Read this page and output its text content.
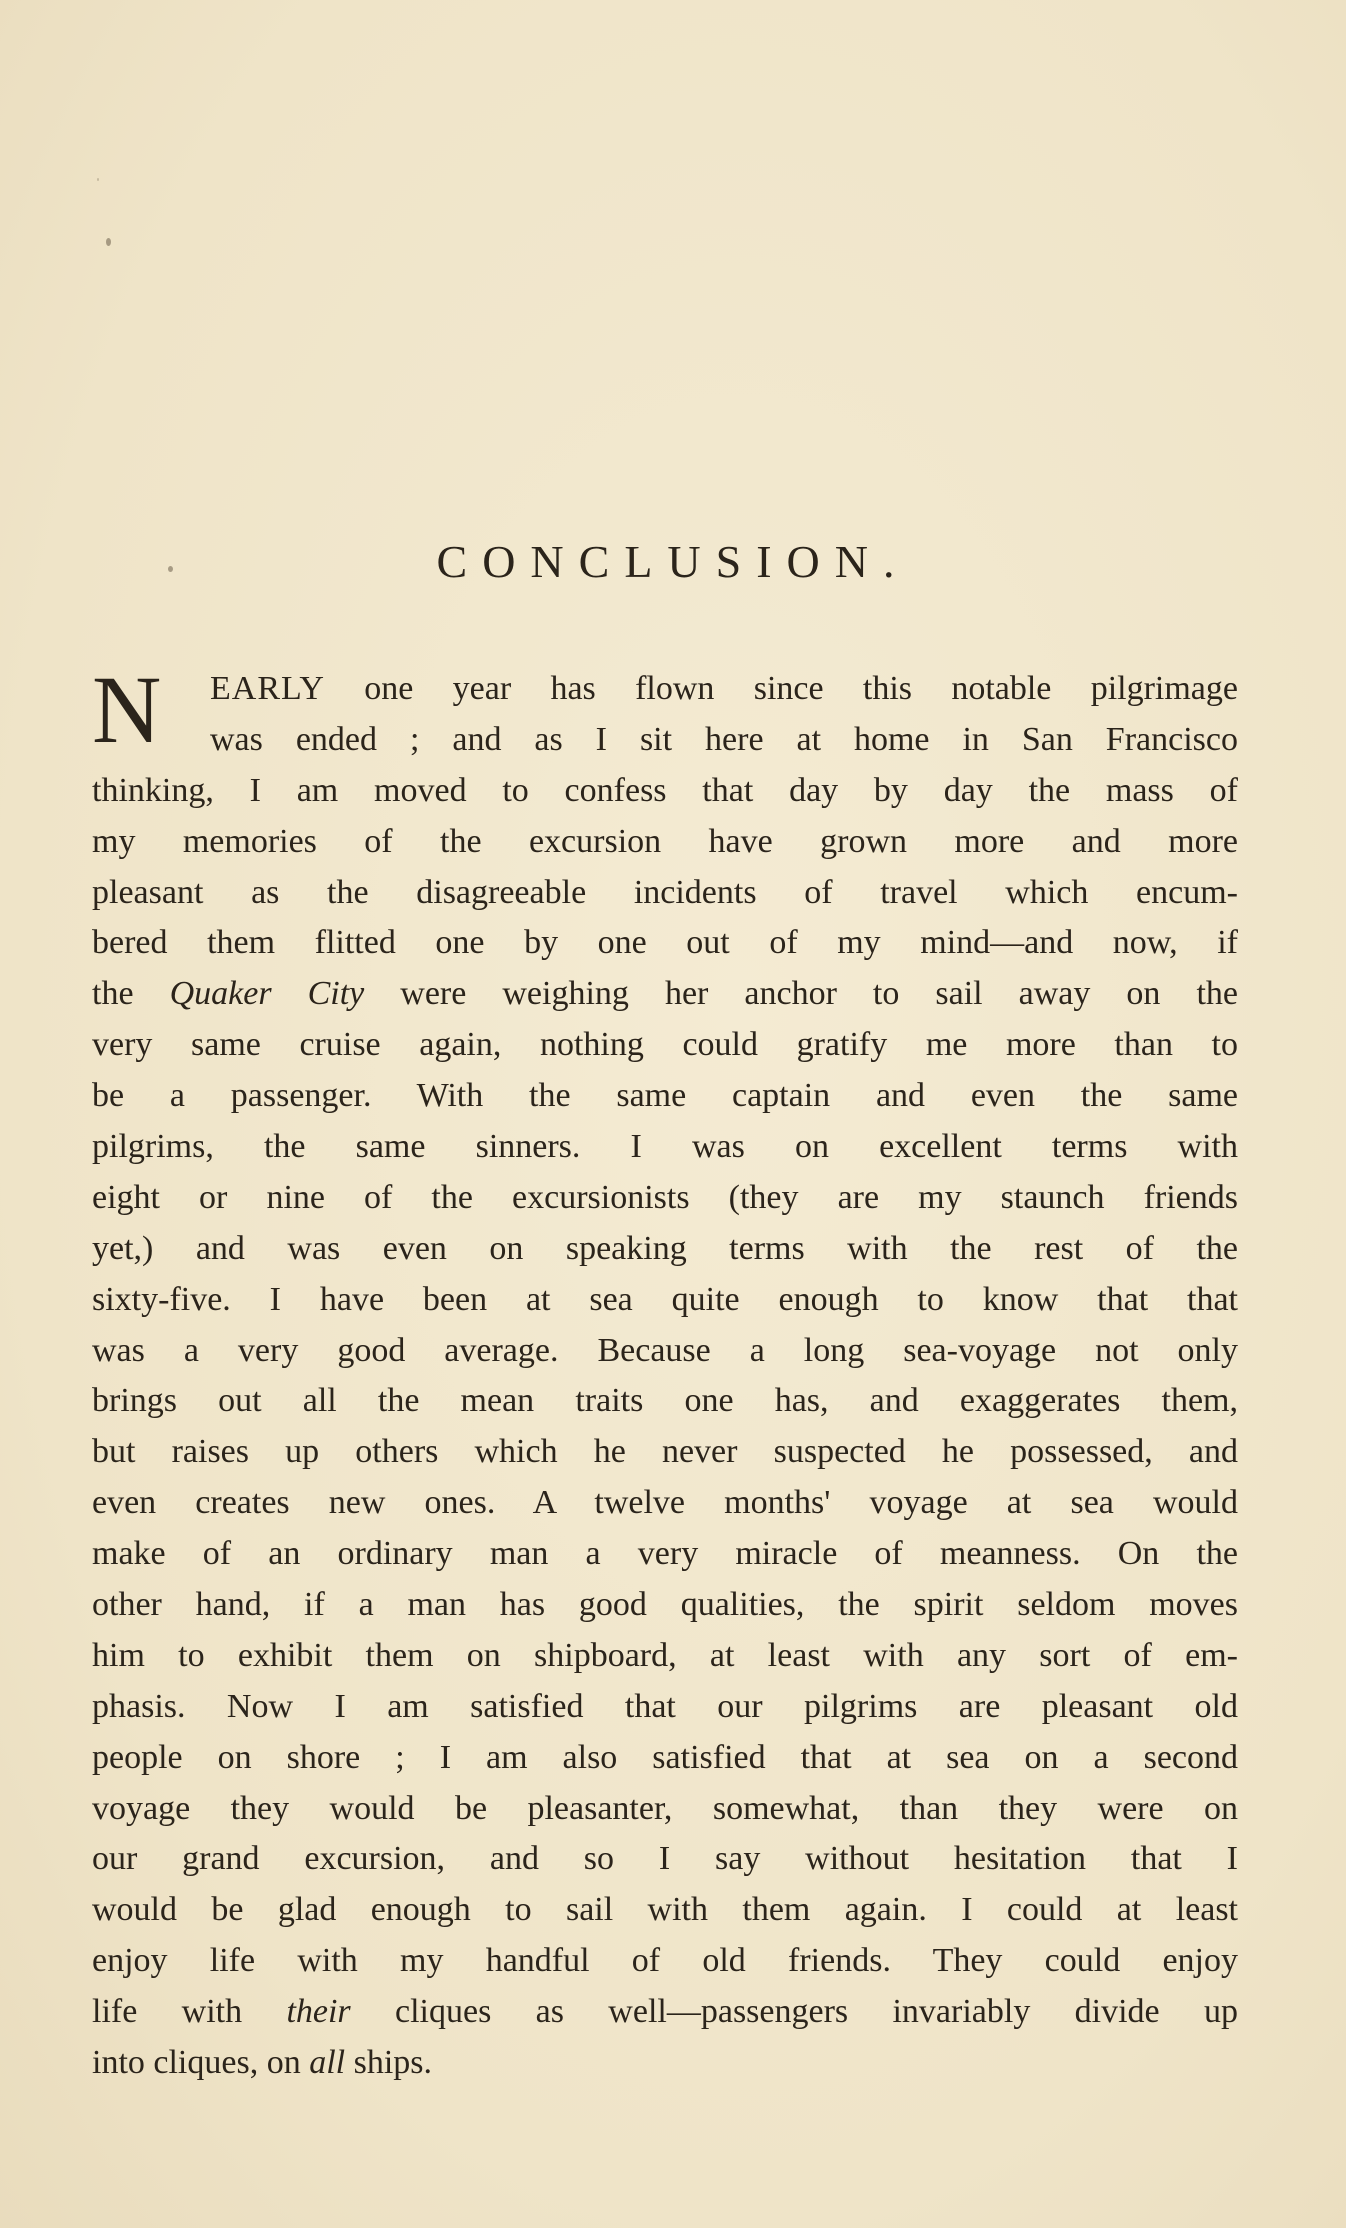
CONCLUSION.
N	EARLY one year has flown since this notable pilgrimage
was ended ; and as I sit here at home in San Francisco
thinking, I am moved to confess that day by day the mass of
my memories of the excursion have grown more and more
pleasant as the disagreeable incidents of travel which encum-
bered them flitted one by one out of my mind—and now, if
the Quaker City were weighing her anchor to sail away on the
very same cruise again, nothing could gratify me more than to
be a passenger. With the same captain and even the same
pilgrims, the same sinners. I was on excellent terms with
eight or nine of the excursionists (they are my staunch friends
yet,) and was even on speaking terms with the rest of the
sixty-five. I have been at sea quite enough to know that that
was a very good average. Because a long sea-voyage not only
brings out all the mean traits one has, and exaggerates them,
but raises up others which he never suspected he possessed, and
even creates new ones. A twelve months' voyage at sea would
make of an ordinary man a very miracle of meanness. On the
other hand, if a man has good qualities, the spirit seldom moves
him to exhibit them on shipboard, at least with any sort of em-
phasis. Now I am satisfied that our pilgrims are pleasant old
people on shore ; I am also satisfied that at sea on a second
voyage they would be pleasanter, somewhat, than they were on
our grand excursion, and so I say without hesitation that I
would be glad enough to sail with them again. I could at least
enjoy life with my handful of old friends. They could enjoy
life with their cliques as well—passengers invariably divide up
into cliques, on all ships.
